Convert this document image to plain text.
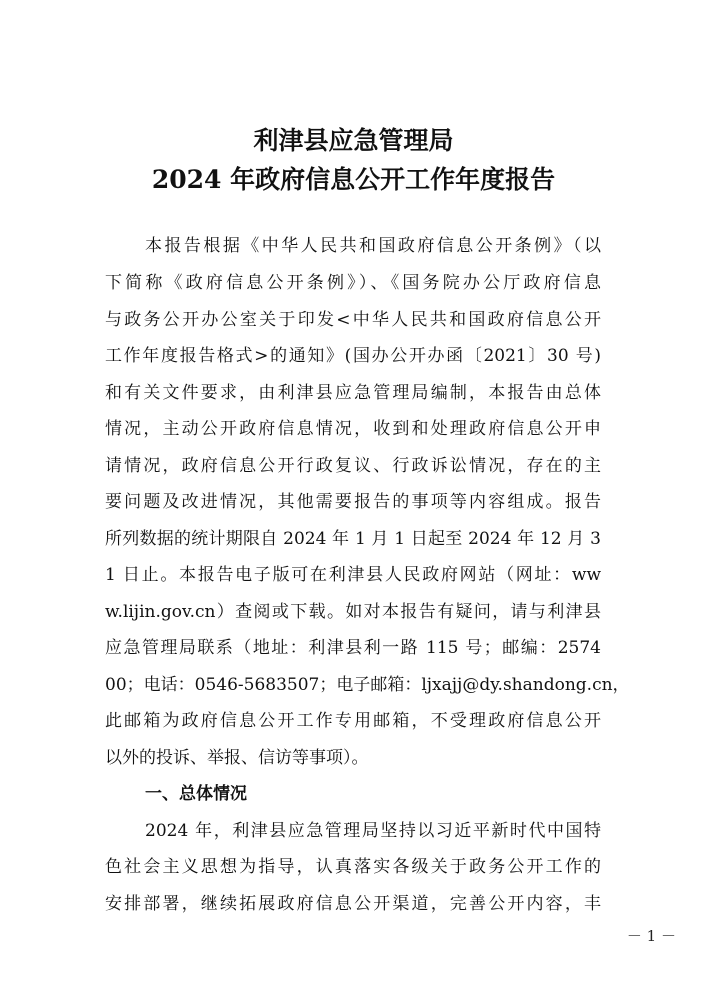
利津县应急管理局
2024 年政府信息公开工作年度报告

本报告根据《中华人民共和国政府信息公开条例》（以

下简称《政府信息公开条例》）、《国务院办公厅政府信息

与政务公开办公室关于印发<中华人民共和国政府信息公开

工作年度报告格式>的通知》(国办公开办函〔2021〕30 号)

和有关文件要求，由利津县应急管理局编制，本报告由总体

情况，主动公开政府信息情况，收到和处理政府信息公开申

请情况，政府信息公开行政复议、行政诉讼情况，存在的主

要问题及改进情况，其他需要报告的事项等内容组成。报告

所列数据的统计期限自 2024 年 1 月 1 日起至 2024 年 12 月 3

1 日止。本报告电子版可在利津县人民政府网站（网址：ww

w.lijin.gov.cn）查阅或下载。如对本报告有疑问，请与利津县

应急管理局联系（地址：利津县利一路 115 号；邮编：2574

00；电话：0546-5683507；电子邮箱：ljxajj@dy.shandong.cn，

此邮箱为政府信息公开工作专用邮箱，不受理政府信息公开

以外的投诉、举报、信访等事项）。

一、总体情况

2024 年，利津县应急管理局坚持以习近平新时代中国特

色社会主义思想为指导，认真落实各级关于政务公开工作的

安排部署，继续拓展政府信息公开渠道，完善公开内容，丰

－ 1 －
